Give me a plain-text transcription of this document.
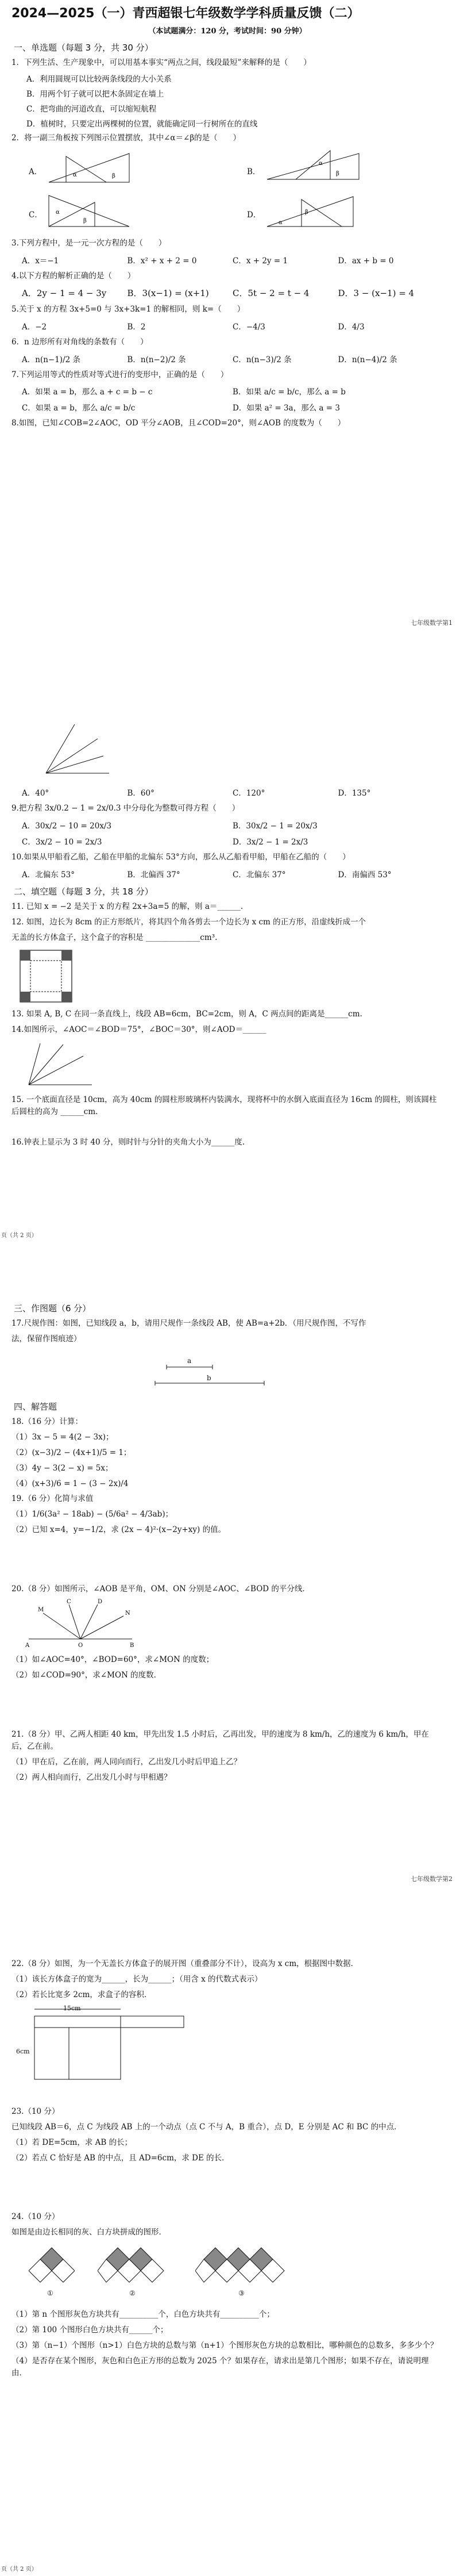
2024—2025（一）青西超银七年级数学学科质量反馈（二）
（本试题满分：120 分，考试时间：90 分钟）
一、单选题（每题 3 分，共 30 分）
1．下列生活、生产现象中，可以用基本事实“两点之间，线段最短”来解释的是（　　）
A．利用圆规可以比较两条线段的大小关系
B．用两个钉子就可以把木条固定在墙上
C．把弯曲的河道改直，可以缩短航程
D．植树时，只要定出两棵树的位置，就能确定同一行树所在的直线
2．将一副三角板按下列图示位置摆放，其中∠α＝∠β的是（　　）
A．	α	β	B．
α
β
C． α
β
D．	β
α
3.下列方程中，是一元一次方程的是（　　）
A．x＝−1	B．x² + x + 2 = 0	C．x + 2y = 1	D．ax + b = 0
4.以下方程的解析正确的是（　　）
A．2y − 1 = 4 − 3y	B．3(x−1) = (x+1)	C．5t − 2 = t − 4	D．3 − (x−1) = 4
5.关于 x 的方程 3x+5=0 与 3x+3k=1 的解相同，则 k=（　　）
A．−2	B．2	C．−4/3	D．4/3
6．n 边形所有对角线的条数有（　　）
A．n(n−1)/2 条	B．n(n−2)/2 条	C．n(n−3)/2 条	D．n(n−4)/2 条
7.下列运用等式的性质对等式进行的变形中，正确的是（　　）
A．如果 a = b，那么 a + c = b − c	B．如果 a/c = b/c，那么 a = b
C．如果 a = b，那么 a/c = b/c	D．如果 a² = 3a，那么 a = 3
8.如图，已知∠COB=2∠AOC，OD 平分∠AOB，且∠COD=20°，则∠AOB 的度数为（　　）
七年级数学第1
A．40°	B．60°	C．120°	D．135°
9.把方程 3x/0.2 − 1 = 2x/0.3 中分母化为整数可得方程（　　）
A．30x/2 − 10 = 20x/3	B．30x/2 − 1 = 20x/3
C．3x/2 − 10 = 2x/3	D．3x/2 − 1 = 2x/3
10.如果从甲船看乙船，乙船在甲船的北偏东 53°方向，那么从乙船看甲船，甲船在乙船的（　　）
A．北偏东 53°	B．北偏西 37°	C．北偏东 37°	D．南偏西 53°
二、填空题（每题 3 分，共 18 分）
11. 已知 x = −2 是关于 x 的方程 2x+3a=5 的解，则 a＝______.
12. 如图，边长为 8cm 的正方形纸片，将其四个角各剪去一个边长为 x cm 的正方形，沿虚线折成一个
无盖的长方体盒子，这个盒子的容积是 ______________cm³.
13. 如果 A, B, C 在同一条直线上，线段 AB=6cm，BC=2cm，则 A，C 两点间的距离是______cm.
14.如图所示，∠AOC＝∠BOD＝75°，∠BOC＝30°，则∠AOD＝______
15. 一个底面直径是 10cm，高为 40cm 的圆柱形玻璃杯内装满水，现将杯中的水倒入底面直径为 16cm 的圆柱，则该圆柱后圆柱的高为 ______cm.
16.钟表上显示为 3 时 40 分，则时针与分针的夹角大小为______度.
页（共 2 页）
三、作图题（6 分）
17.尺规作图：如图，已知线段 a，b，请用尺规作一条线段 AB，使 AB=a+2b．（用尺规作图，不写作
法，保留作图痕迹）
a
b
四、解答题
18.（16 分）计算：
（1）3x − 5 = 4(2 − 3x)；
（2）(x−3)/2 − (4x+1)/5 = 1；
（3）4y − 3(2 − x) = 5x；
（4）(x+3)/6 = 1 − (3 − 2x)/4
19.（6 分）化简与求值
（1）1/6(3a² − 18ab) − (5/6a² − 4/3ab)；
（2）已知 x=4，y=−1/2，求 (2x − 4)²·(x−2y+xy) 的值。
20.（8 分）如图所示，∠AOB 是平角，OM、ON 分别是∠AOC、∠BOD 的平分线．
A	O	B
M
C	D
N
（1）如∠AOC=40°，∠BOD=60°，求∠MON 的度数；
（2）如∠COD=90°，求∠MON 的度数．
21.（8 分）甲、乙两人相距 40 km，甲先出发 1.5 小时后，乙再出发，甲的速度为 8 km/h，乙的速度为 6 km/h，甲在后，乙在前。
（1）甲在后，乙在前，两人同向而行，乙出发几小时后甲追上乙？
（2）两人相向而行，乙出发几小时与甲相遇？
七年级数学第2
22.（8 分）如图，为一个无盖长方体盒子的展开图（重叠部分不计），设高为 x cm，根据图中数据．
（1）该长方体盒子的宽为______，长为______；（用含 x 的代数式表示）
（2）若长比宽多 2cm，求盒子的容积．
15cm
6cm
23.（10 分）
已知线段 AB＝6，点 C 为线段 AB 上的一个动点（点 C 不与 A，B 重合），点 D，E 分别是 AC 和 BC 的中点．
（1）若 DE=5cm，求 AB 的长；
（2）若点 C 恰好是 AB 的中点，且 AD=6cm，求 DE 的长．
24.（10 分）
如图是由边长相同的灰、白方块拼成的图形．
①	②	③
（1）第 n 个图形灰色方块共有__________个，白色方块共有__________个；
（2）第 100 个图形白色方块共有______个；
（3）第（n−1）个图形（n>1）白色方块的总数与第（n+1）个图形灰色方块的总数相比，哪种颜色的总数多，多多少个？
（4）是否存在某个图形，灰色和白色正方形的总数为 2025 个？如果存在，请求出是第几个图形；如果不存在，请说明理由．
页（共 2 页）
